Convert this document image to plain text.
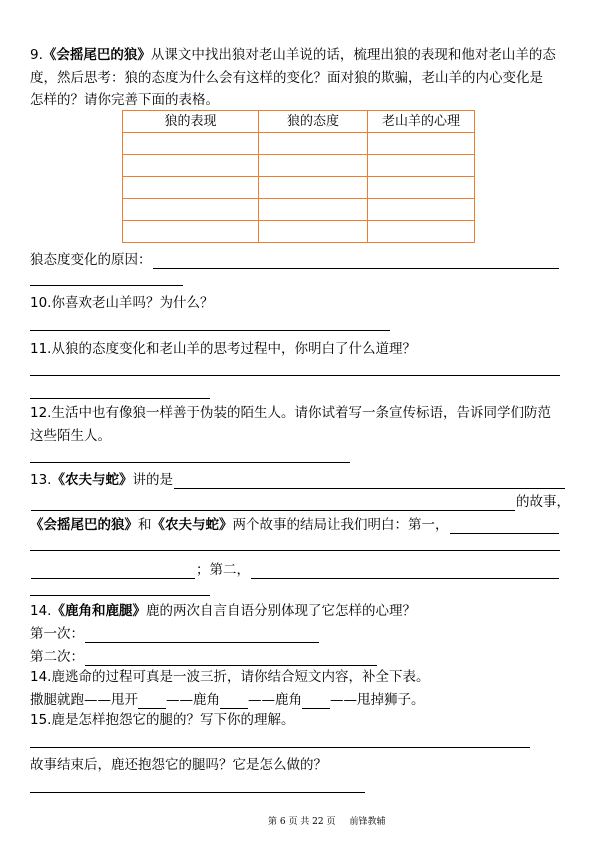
9. 《会摇尾巴的狼》 从课文中找出狼对老山羊说的话，梳理出狼的表现和他对老山羊的态
度，然后思考：狼的态度为什么会有这样的变化？面对狼的欺骗，老山羊的内心变化是
怎样的？请你完善下面的表格。
狼的表现	狼的态度	老山羊的心理

狼态度变化的原因：
10.你喜欢老山羊吗？为什么？
11.从狼的态度变化和老山羊的思考过程中，你明白了什么道理？
12.生活中也有像狼一样善于伪装的陌生人。请你试着写一条宣传标语，告诉同学们防范
这些陌生人。
13. 《农夫与蛇》 讲的是
的故事，
《会摇尾巴的狼》 和 《农夫与蛇》 两个故事的结局让我们明白：第一，
；第二，
14. 《鹿角和鹿腿》 鹿的两次自言自语分别体现了它怎样的心理？
第一次：
第二次：
14.鹿逃命的过程可真是一波三折，请你结合短文内容，补全下表。
撒腿就跑——甩开 ——鹿角 ——鹿角 ——甩掉狮子。
15.鹿是怎样抱怨它的腿的？写下你的理解。
故事结束后，鹿还抱怨它的腿吗？它是怎么做的？
第 6 页 共 22 页 前锋教辅
